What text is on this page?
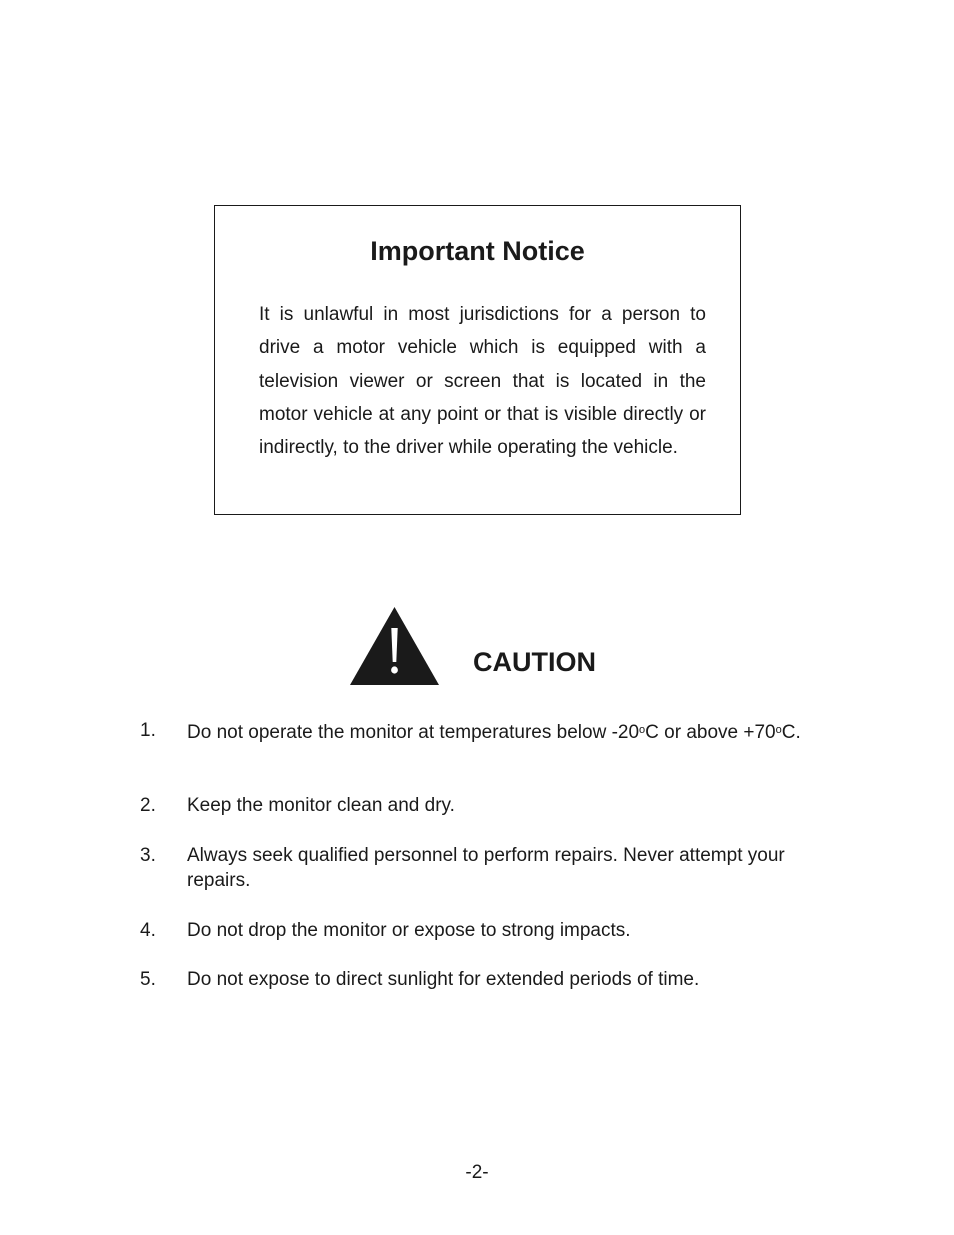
Important Notice

It is unlawful in most jurisdictions for a person to drive a motor vehicle which is equipped with a television viewer or screen that is located in the motor vehicle at any point or that is visible directly or indirectly, to the driver while operating the vehicle.

CAUTION
1. Do not operate the monitor at temperatures below -20$^o$C or above $+70^oC$.
2. Keep the monitor clean and dry.
3. Always seek qualified personnel to perform repairs. Never attempt your repairs.
4. Do not drop the monitor or expose to strong impacts.
5. Do not expose to direct sunlight for extended periods of time.
-2-
